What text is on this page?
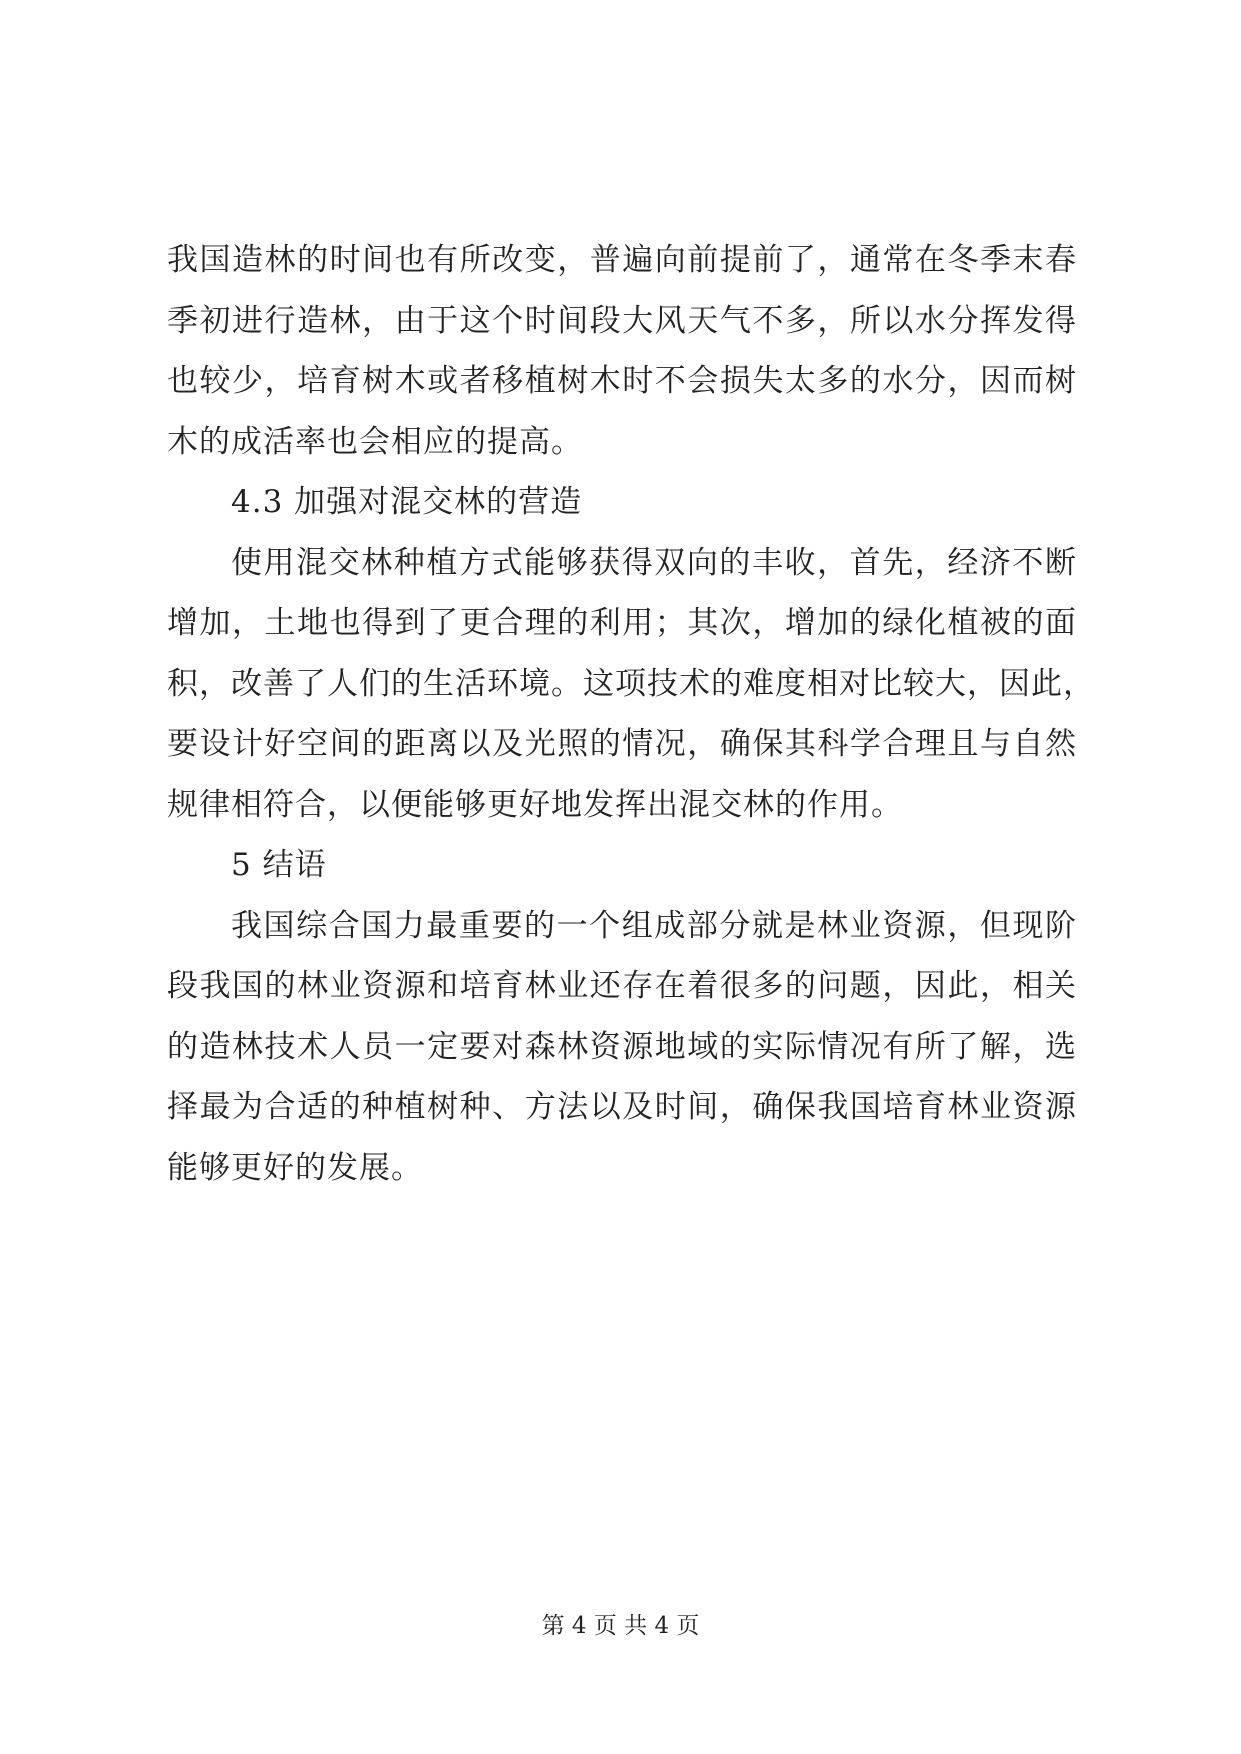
我国造林的时间也有所改变，普遍向前提前了，通常在冬季末春
季初进行造林，由于这个时间段大风天气不多，所以水分挥发得
也较少，培育树木或者移植树木时不会损失太多的水分，因而树
木的成活率也会相应的提高。
4.3 加强对混交林的营造
使用混交林种植方式能够获得双向的丰收，首先，经济不断
增加，土地也得到了更合理的利用；其次，增加的绿化植被的面
积，改善了人们的生活环境。这项技术的难度相对比较大，因此，
要设计好空间的距离以及光照的情况，确保其科学合理且与自然
规律相符合，以便能够更好地发挥出混交林的作用。
5 结语
我国综合国力最重要的一个组成部分就是林业资源，但现阶
段我国的林业资源和培育林业还存在着很多的问题，因此，相关
的造林技术人员一定要对森林资源地域的实际情况有所了解，选
择最为合适的种植树种、方法以及时间，确保我国培育林业资源
能够更好的发展。
第 4 页 共 4 页
